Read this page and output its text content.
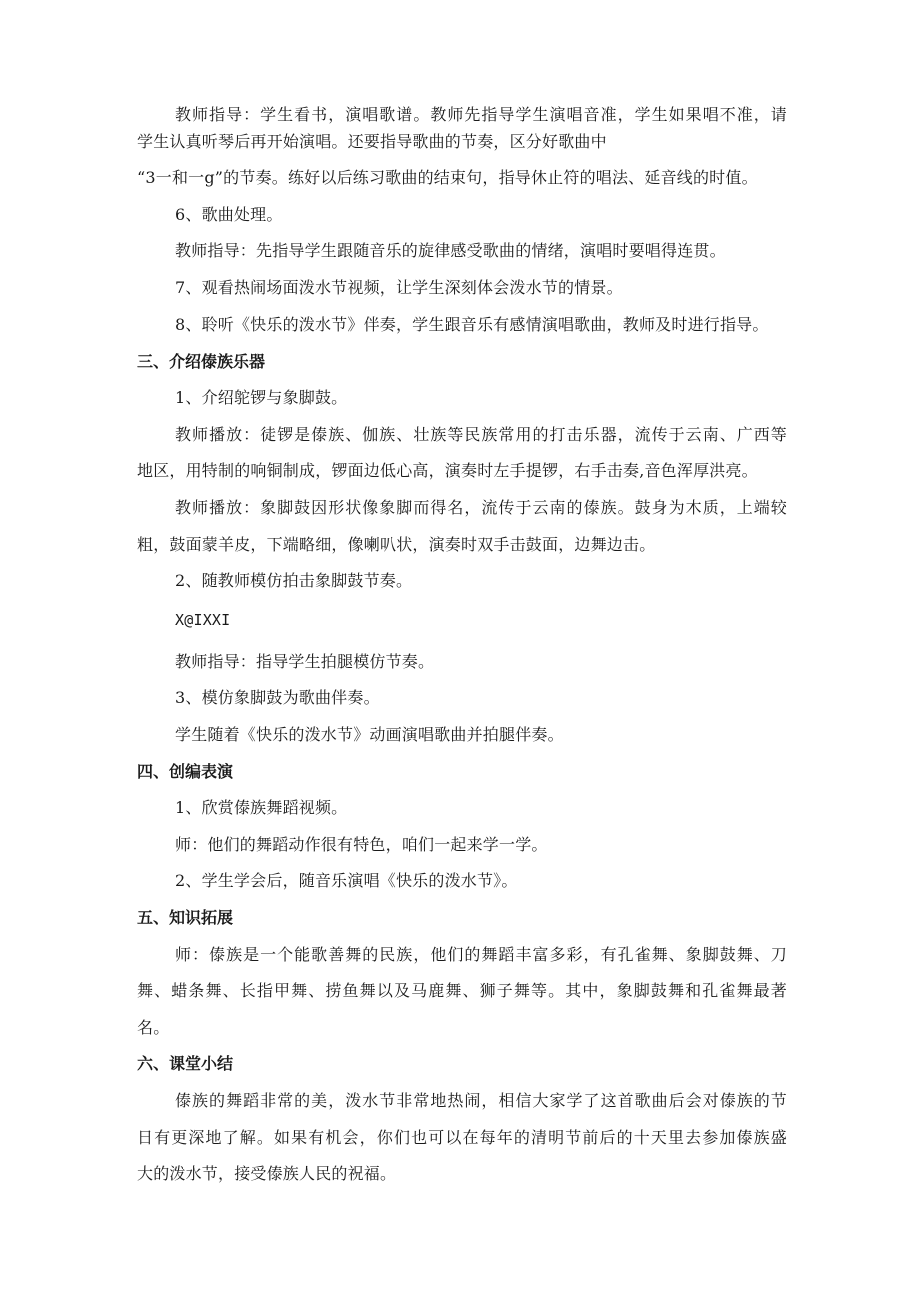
教师指导：学生看书，演唱歌谱。教师先指导学生演唱音准，学生如果唱不准，请
学生认真听琴后再开始演唱。还要指导歌曲的节奏，区分好歌曲中
“3一和一g”的节奏。练好以后练习歌曲的结束句，指导休止符的唱法、延音线的时值。
6、歌曲处理。
教师指导：先指导学生跟随音乐的旋律感受歌曲的情绪，演唱时要唱得连贯。
7、观看热闹场面泼水节视频，让学生深刻体会泼水节的情景。
8、聆听《快乐的泼水节》伴奏，学生跟音乐有感情演唱歌曲，教师及时进行指导。
三、介绍傣族乐器
1、介绍鸵锣与象脚鼓。
教师播放：徒锣是傣族、伽族、壮族等民族常用的打击乐器，流传于云南、广西等
地区，用特制的响铜制成，锣面边低心高，演奏时左手提锣，右手击奏,音色浑厚洪亮。
教师播放：象脚鼓因形状像象脚而得名，流传于云南的傣族。鼓身为木质，上端较
粗，鼓面蒙羊皮，下端略细，像喇叭状，演奏时双手击鼓面，边舞边击。
2、随教师模仿拍击象脚鼓节奏。
X@IXXI
教师指导：指导学生拍腿模仿节奏。
3、模仿象脚鼓为歌曲伴奏。
学生随着《快乐的泼水节》动画演唱歌曲并拍腿伴奏。
四、创编表演
1、欣赏傣族舞蹈视频。
师：他们的舞蹈动作很有特色，咱们一起来学一学。
2、学生学会后，随音乐演唱《快乐的泼水节》。
五、知识拓展
师：傣族是一个能歌善舞的民族，他们的舞蹈丰富多彩，有孔雀舞、象脚鼓舞、刀
舞、蜡条舞、长指甲舞、捞鱼舞以及马鹿舞、狮子舞等。其中，象脚鼓舞和孔雀舞最著
名。
六、课堂小结
傣族的舞蹈非常的美，泼水节非常地热闹，相信大家学了这首歌曲后会对傣族的节
日有更深地了解。如果有机会，你们也可以在每年的清明节前后的十天里去参加傣族盛
大的泼水节，接受傣族人民的祝福。
